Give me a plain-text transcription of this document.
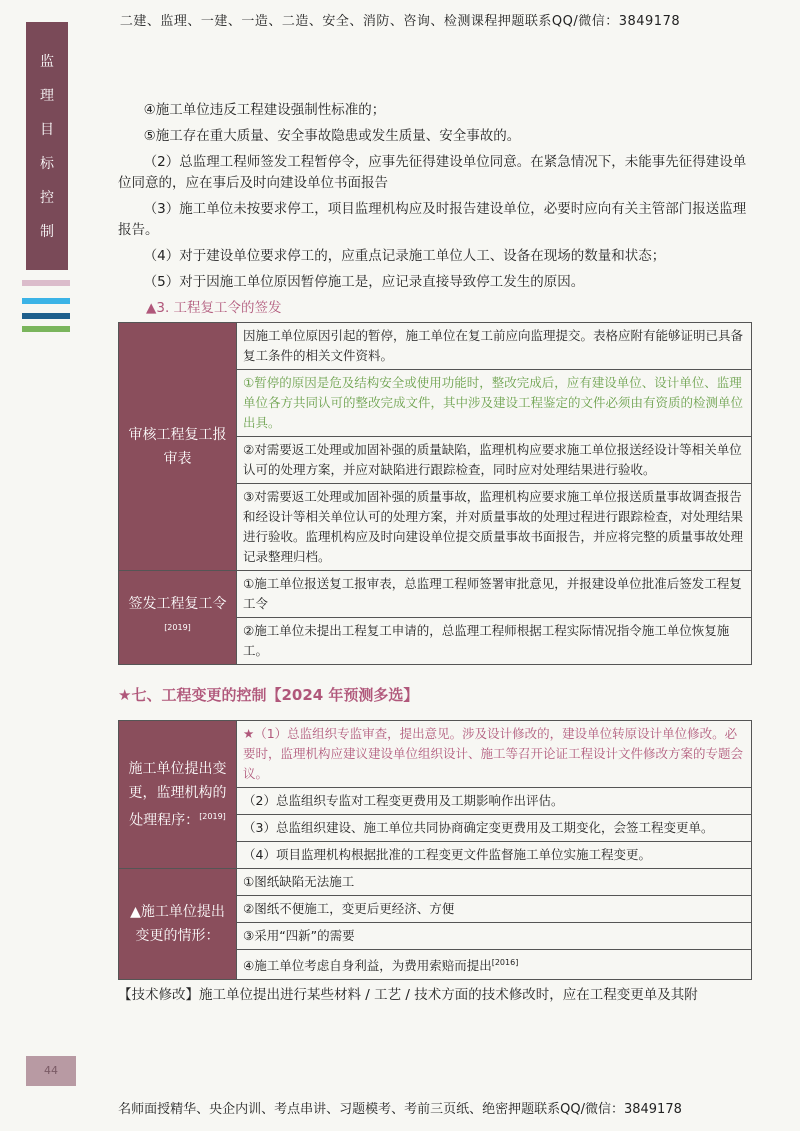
二建、监理、一建、一造、二造、安全、消防、咨询、检测课程押题联系QQ/微信：3849178
监
理
目
标
控
制

④施工单位违反工程建设强制性标准的；

⑤施工存在重大质量、安全事故隐患或发生质量、安全事故的。

（2）总监理工程师签发工程暂停令，应事先征得建设单位同意。在紧急情况下，未能事先征得建设单位同意的，应在事后及时向建设单位书面报告

（3）施工单位未按要求停工，项目监理机构应及时报告建设单位，必要时应向有关主管部门报送监理报告。

（4）对于建设单位要求停工的，应重点记录施工单位人工、设备在现场的数量和状态；

（5）对于因施工单位原因暂停施工是，应记录直接导致停工发生的原因。

▲3. 工程复工令的签发

审核工程复工报审表	因施工单位原因引起的暂停，施工单位在复工前应向监理提交。表格应附有能够证明已具备复工条件的相关文件资料。
	①暂停的原因是危及结构安全或使用功能时，整改完成后，应有建设单位、设计单位、监理单位各方共同认可的整改完成文件，其中涉及建设工程鉴定的文件必须由有资质的检测单位出具。
	②对需要返工处理或加固补强的质量缺陷，监理机构应要求施工单位报送经设计等相关单位认可的处理方案，并应对缺陷进行跟踪检查，同时应对处理结果进行验收。
	③对需要返工处理或加固补强的质量事故，监理机构应要求施工单位报送质量事故调查报告和经设计等相关单位认可的处理方案，并对质量事故的处理过程进行跟踪检查，对处理结果进行验收。监理机构应及时向建设单位提交质量事故书面报告，并应将完整的质量事故处理记录整理归档。
签发工程复工令[2019]	①施工单位报送复工报审表，总监理工程师签署审批意见，并报建设单位批准后签发工程复工令
	②施工单位未提出工程复工申请的，总监理工程师根据工程实际情况指令施工单位恢复施工。
★七、工程变更的控制【2024 年预测多选】
施工单位提出变更，监理机构的处理程序：[2019]	★（1）总监组织专监审查，提出意见。涉及设计修改的，建设单位转原设计单位修改。必要时，监理机构应建议建设单位组织设计、施工等召开论证工程设计文件修改方案的专题会议。
	（2）总监组织专监对工程变更费用及工期影响作出评估。
	（3）总监组织建设、施工单位共同协商确定变更费用及工期变化，会签工程变更单。
	（4）项目监理机构根据批准的工程变更文件监督施工单位实施工程变更。
▲施工单位提出变更的情形：	①图纸缺陷无法施工
	②图纸不便施工，变更后更经济、方便
	③采用“四新”的需要
	④施工单位考虑自身利益，为费用索赔而提出[2016]
【技术修改】施工单位提出进行某些材料 / 工艺 / 技术方面的技术修改时，应在工程变更单及其附
44
名师面授精华、央企内训、考点串讲、习题模考、考前三页纸、绝密押题联系QQ/微信：3849178
